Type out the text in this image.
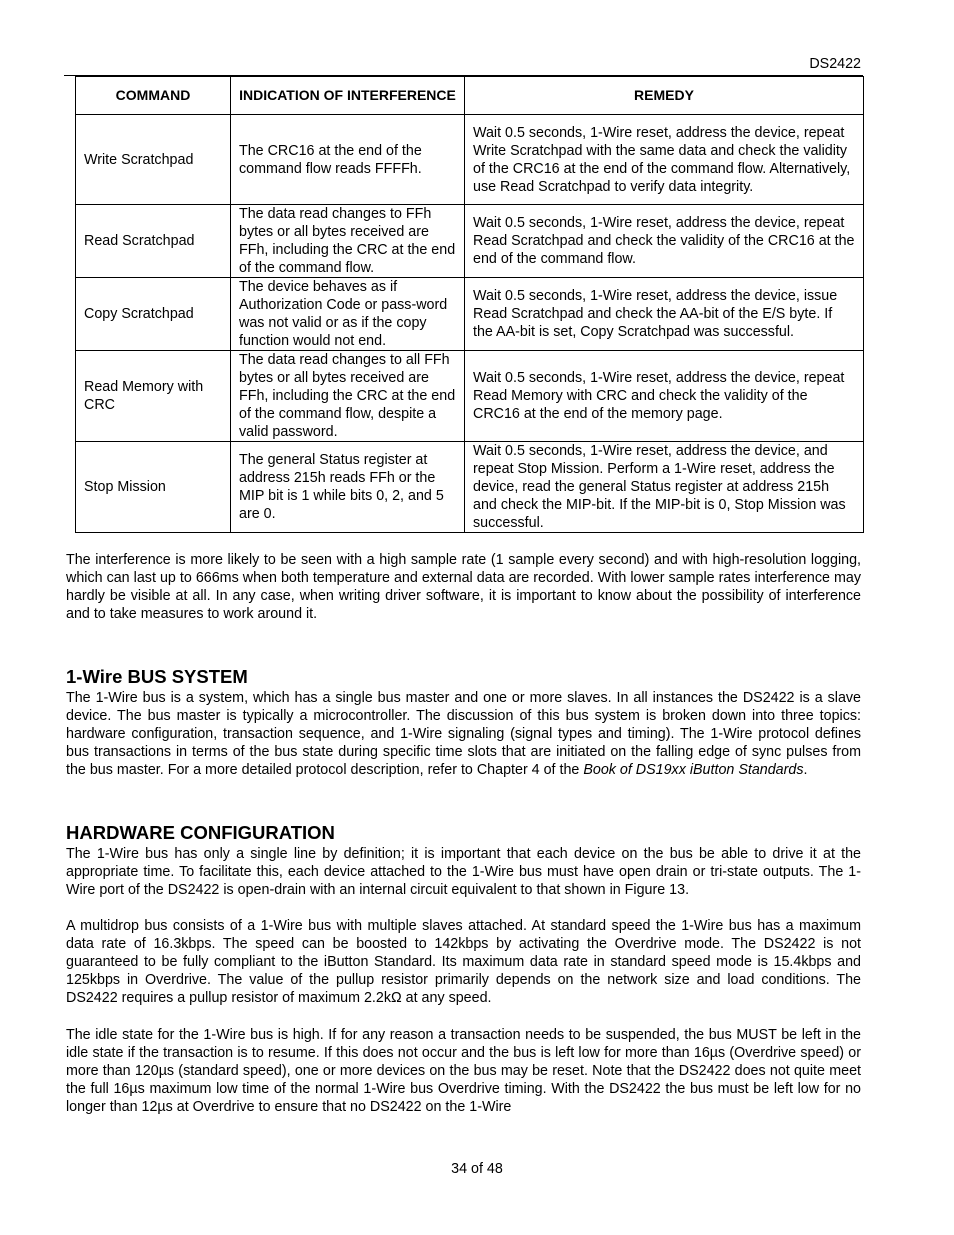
DS2422
COMMAND	INDICATION OF INTERFERENCE	REMEDY
Write Scratchpad	The CRC16 at the end of the command flow reads FFFFh.	Wait 0.5 seconds, 1-Wire reset, address the device, repeat Write Scratchpad with the same data and check the validity of the CRC16 at the end of the command flow. Alternatively, use Read Scratchpad to verify data integrity.
Read Scratchpad	The data read changes to FFh bytes or all bytes received are FFh, including the CRC at the end of the command flow.	Wait 0.5 seconds, 1-Wire reset, address the device, repeat Read Scratchpad and check the validity of the CRC16 at the end of the command flow.
Copy Scratchpad	The device behaves as if Authorization Code or pass-word was not valid or as if the copy function would not end.	Wait 0.5 seconds, 1-Wire reset, address the device, issue Read Scratchpad and check the AA-bit of the E/S byte. If the AA-bit is set, Copy Scratchpad was successful.
Read Memory with CRC	The data read changes to all FFh bytes or all bytes received are FFh, including the CRC at the end of the command flow, despite a valid password.	Wait 0.5 seconds, 1-Wire reset, address the device, repeat Read Memory with CRC and check the validity of the CRC16 at the end of the memory page.
Stop Mission	The general Status register at address 215h reads FFh or the MIP bit is 1 while bits 0, 2, and 5 are 0.	Wait 0.5 seconds, 1-Wire reset, address the device, and repeat Stop Mission. Perform a 1-Wire reset, address the device, read the general Status register at address 215h and check the MIP-bit. If the MIP-bit is 0, Stop Mission was successful.

The interference is more likely to be seen with a high sample rate (1 sample every second) and with high-resolution logging, which can last up to 666ms when both temperature and external data are recorded. With lower sample rates interference may hardly be visible at all. In any case, when writing driver software, it is important to know about the possibility of interference and to take measures to work around it.

1-Wire BUS SYSTEM

The 1-Wire bus is a system, which has a single bus master and one or more slaves. In all instances the DS2422 is a slave device. The bus master is typically a microcontroller. The discussion of this bus system is broken down into three topics: hardware configuration, transaction sequence, and 1-Wire signaling (signal types and timing). The 1-Wire protocol defines bus transactions in terms of the bus state during specific time slots that are initiated on the falling edge of sync pulses from the bus master. For a more detailed protocol description, refer to Chapter 4 of the Book of DS19xx iButton Standards.

HARDWARE CONFIGURATION

The 1-Wire bus has only a single line by definition; it is important that each device on the bus be able to drive it at the appropriate time. To facilitate this, each device attached to the 1-Wire bus must have open drain or tri-state outputs. The 1-Wire port of the DS2422 is open-drain with an internal circuit equivalent to that shown in Figure 13.

A multidrop bus consists of a 1-Wire bus with multiple slaves attached. At standard speed the 1-Wire bus has a maximum data rate of 16.3kbps. The speed can be boosted to 142kbps by activating the Overdrive mode. The DS2422 is not guaranteed to be fully compliant to the iButton Standard. Its maximum data rate in standard speed mode is 15.4kbps and 125kbps in Overdrive. The value of the pullup resistor primarily depends on the network size and load conditions. The DS2422 requires a pullup resistor of maximum 2.2kΩ at any speed.

The idle state for the 1-Wire bus is high. If for any reason a transaction needs to be suspended, the bus MUST be left in the idle state if the transaction is to resume. If this does not occur and the bus is left low for more than 16µs (Overdrive speed) or more than 120µs (standard speed), one or more devices on the bus may be reset. Note that the DS2422 does not quite meet the full 16µs maximum low time of the normal 1-Wire bus Overdrive timing. With the DS2422 the bus must be left low for no longer than 12µs at Overdrive to ensure that no DS2422 on the 1-Wire

34 of 48
